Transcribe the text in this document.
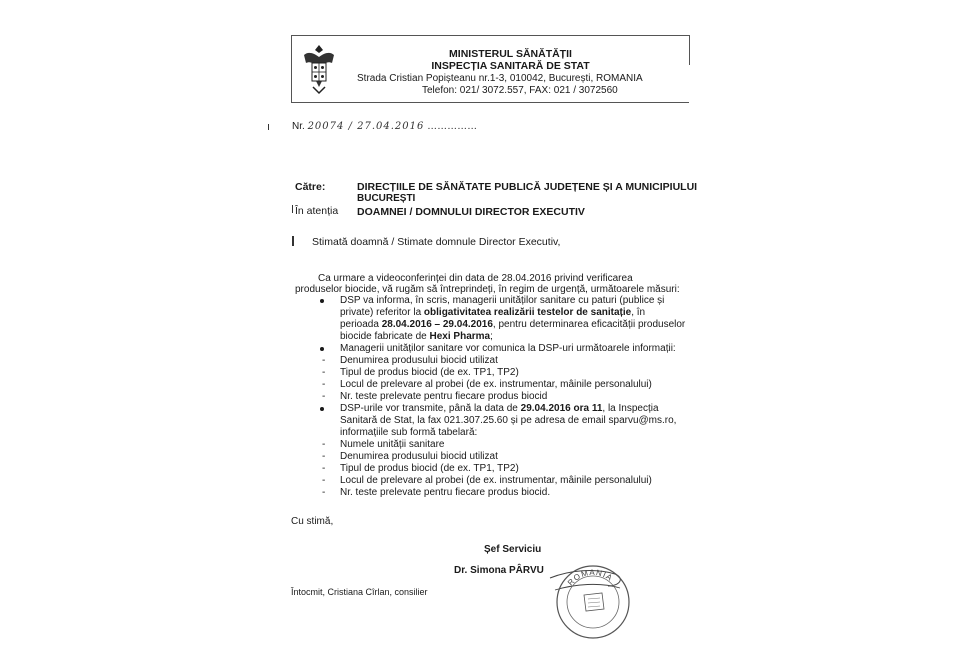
MINISTERUL SĂNĂTĂȚII
INSPECȚIA SANITARĂ DE STAT
Strada Cristian Popișteanu nr.1-3, 010042, București, ROMANIA
Telefon: 021/ 3072.557, FAX: 021 / 3072560
Nr. 20074 / 27.04.2016 ……………
Către:	DIRECȚIILE DE SĂNĂTATE PUBLICĂ JUDEȚENE ȘI A MUNICIPIULUI
BUCUREȘTI
În atenția DOAMNEI / DOMNULUI DIRECTOR EXECUTIV
Stimată doamnă / Stimate domnule Director Executiv,
Ca urmare a videoconferinței din data de 28.04.2016 privind verificarea
produselor biocide, vă rugăm să întreprindeți, în regim de urgență, următoarele măsuri:
DSP va informa, în scris, managerii unităților sanitare cu paturi (publice și
private) referitor la obligativitatea realizării testelor de sanitație, în
perioada 28.04.2016 – 29.04.2016, pentru determinarea eficacității produselor
biocide fabricate de Hexi Pharma;
Managerii unităților sanitare vor comunica la DSP-uri următoarele informații:
- Denumirea produsului biocid utilizat
- Tipul de produs biocid (de ex. TP1, TP2)
- Locul de prelevare al probei (de ex. instrumentar, mâinile personalului)
- Nr. teste prelevate pentru fiecare produs biocid
DSP-urile vor transmite, până la data de 29.04.2016 ora 11, la Inspecția
Sanitară de Stat, la fax 021.307.25.60 și pe adresa de email sparvu@ms.ro,
informațiile sub formă tabelară:
- Numele unității sanitare
- Denumirea produsului biocid utilizat
- Tipul de produs biocid (de ex. TP1, TP2)
- Locul de prelevare al probei (de ex. instrumentar, mâinile personalului)
- Nr. teste prelevate pentru fiecare produs biocid.
Cu stimă,
Șef Serviciu
Dr. Simona PÂRVU
Întocmit, Cristiana Cîrlan, consilier
ROMANIA
